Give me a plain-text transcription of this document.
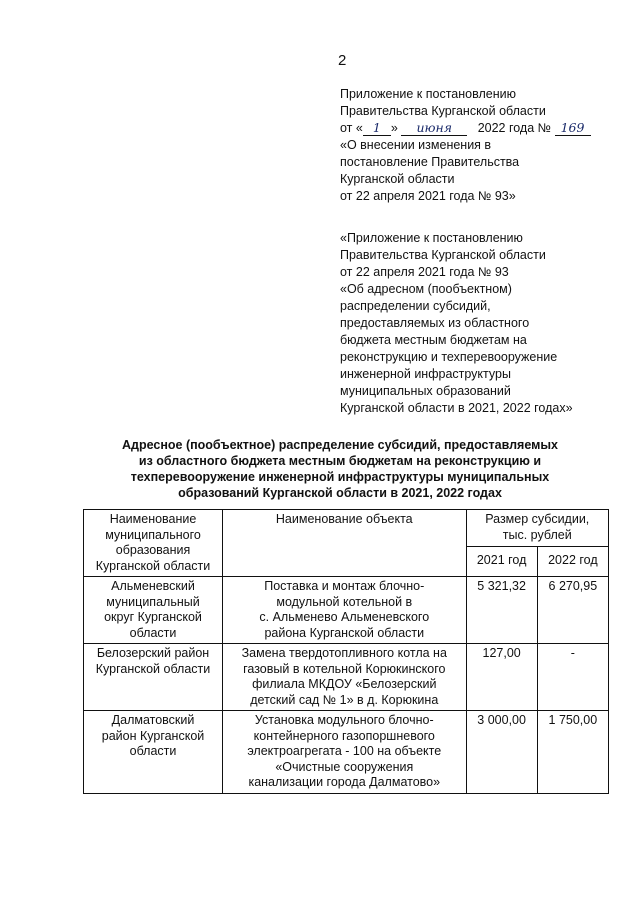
2
Приложение к постановлению
Правительства Курганской области
от « 1 » июня 2022 года № 169
«О внесении изменения в
постановление Правительства
Курганской области
от 22 апреля 2021 года № 93»
«Приложение к постановлению
Правительства Курганской области
от 22 апреля 2021 года № 93
«Об адресном (пообъектном)
распределении субсидий,
предоставляемых из областного
бюджета местным бюджетам на
реконструкцию и техперевооружение
инженерной инфраструктуры
муниципальных образований
Курганской области в 2021, 2022 годах»
Адресное (пообъектное) распределение субсидий, предоставляемых
из областного бюджета местным бюджетам на реконструкцию и
техперевооружение инженерной инфраструктуры муниципальных
образований Курганской области в 2021, 2022 годах
Наименование
муниципального
образования
Курганской области	Наименование объекта	Размер субсидии,
тыс. рублей	

		2021 год	2022 год

Альменевский
муниципальный
округ Курганской
области	Поставка и монтаж блочно-
модульной котельной в
с. Альменево Альменевского
района Курганской области	5 321,32	6 270,95

Белозерский район
Курганской области	Замена твердотопливного котла на
газовый в котельной Корюкинского
филиала МКДОУ «Белозерский
детский сад № 1» в д. Корюкина	127,00	-

Далматовский
район Курганской
области	Установка модульного блочно-
контейнерного газопоршневого
электроагрегата - 100 на объекте
«Очистные сооружения
канализации города Далматово»	3 000,00	1 750,00
